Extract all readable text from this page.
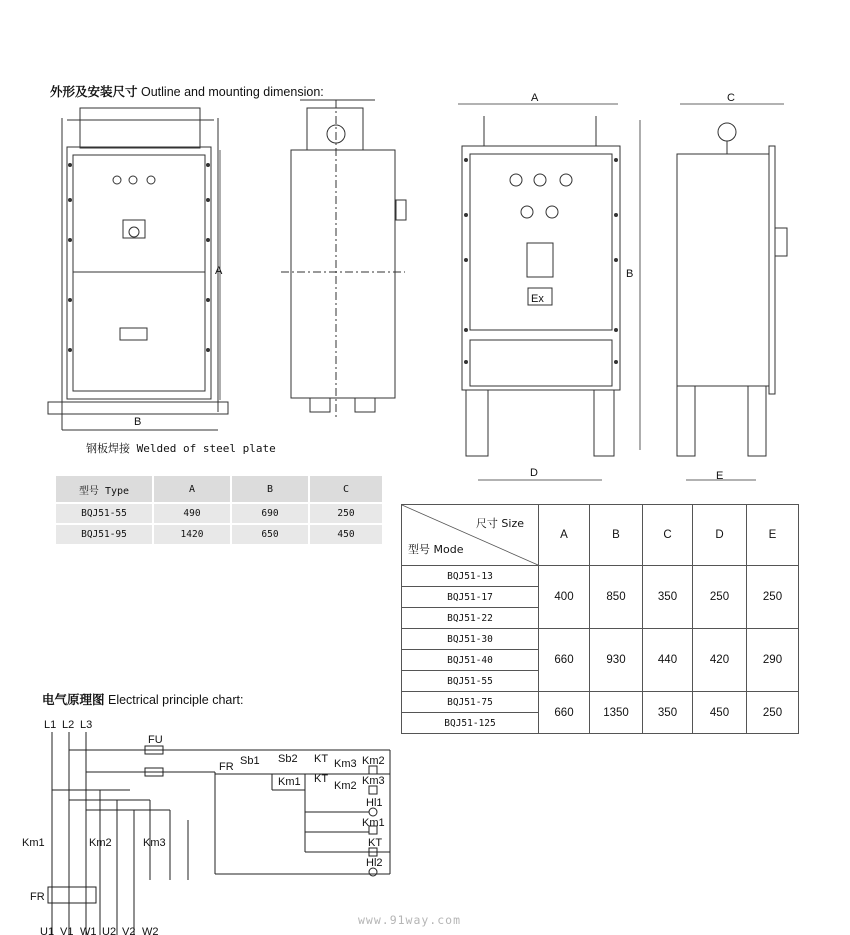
外形及安装尺寸 Outline and mounting dimension:
电气原理图 Electrical principle chart:
钢板焊接 Welded of steel plate
A
B
C
D	E
B
A
Ex
型号 Type	A	B	C
BQJ51-55	490	690	250
BQJ51-95	1420	650	450
尺寸 Size
型号 Mode	A	B	C	D	E
BQJ51-13	400	850	350	250	250
BQJ51-17					
BQJ51-22					
BQJ51-30	660	930	440	420	290
BQJ51-40					
BQJ51-55					
BQJ51-75	660	1350	350	450	250
BQJ51-125					
L1 L2 L3
FU
FR Sb1 Sb2 KT Km3 Km2
Km1 KT
Km2 Km3
Hl1
Km1
KT
Hl2
Km1	Km2	Km3
FR
U1 V1 W1 U2 V2 W2
www.91way.com
